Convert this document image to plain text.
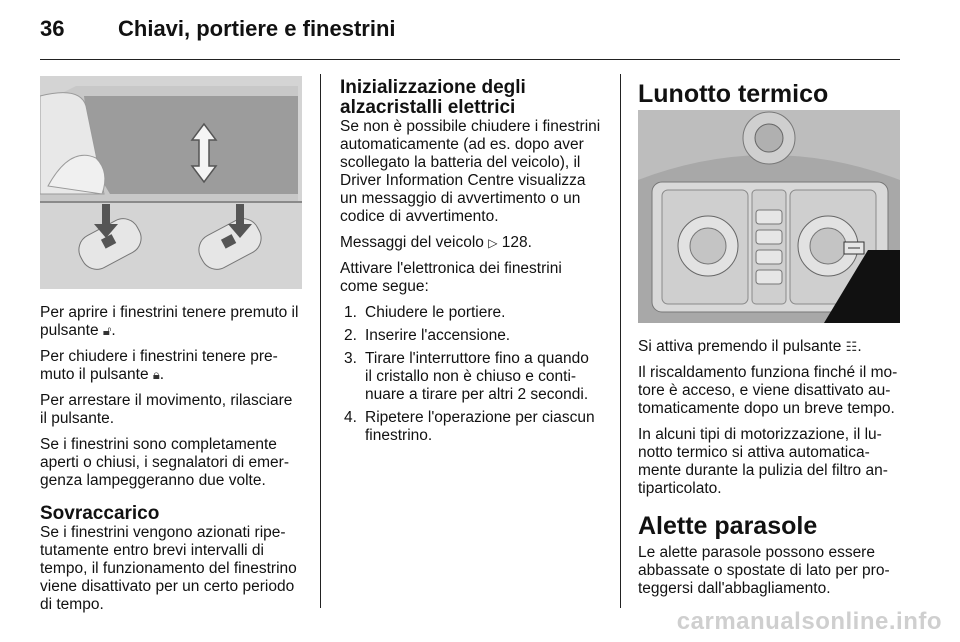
36 Chiavi, portiere e finestrini

Per aprire i finestrini tenere premuto il
pulsante 🔓︎.

Per chiudere i finestrini tenere pre-
muto il pulsante 🔒︎.

Per arrestare il movimento, rilasciare
il pulsante.

Se i finestrini sono completamente
aperti o chiusi, i segnalatori di emer-
genza lampeggeranno due volte.

Sovraccarico

Se i finestrini vengono azionati ripe-
tutamente entro brevi intervalli di
tempo, il funzionamento del finestrino
viene disattivato per un certo periodo
di tempo.

Inizializzazione degli
alzacristalli elettrici

Se non è possibile chiudere i finestrini
automaticamente (ad es. dopo aver
scollegato la batteria del veicolo), il
Driver Information Centre visualizza
un messaggio di avvertimento o un
codice di avvertimento.

Messaggi del veicolo ▷ 128.

Attivare l'elettronica dei finestrini
come segue:

1. Chiudere le portiere.
2. Inserire l'accensione.
3. Tirare l'interruttore fino a quando
il cristallo non è chiuso e conti-
nuare a tirare per altri 2 secondi.
4. Ripetere l'operazione per ciascun
finestrino.
Lunotto termico

Si attiva premendo il pulsante ☷.

Il riscaldamento funziona finché il mo-
tore è acceso, e viene disattivato au-
tomaticamente dopo un breve tempo.

In alcuni tipi di motorizzazione, il lu-
notto termico si attiva automatica-
mente durante la pulizia del filtro an-
tiparticolato.

Alette parasole

Le alette parasole possono essere
abbassate o spostate di lato per pro-
teggersi dall'abbagliamento.

carmanualsonline.info
